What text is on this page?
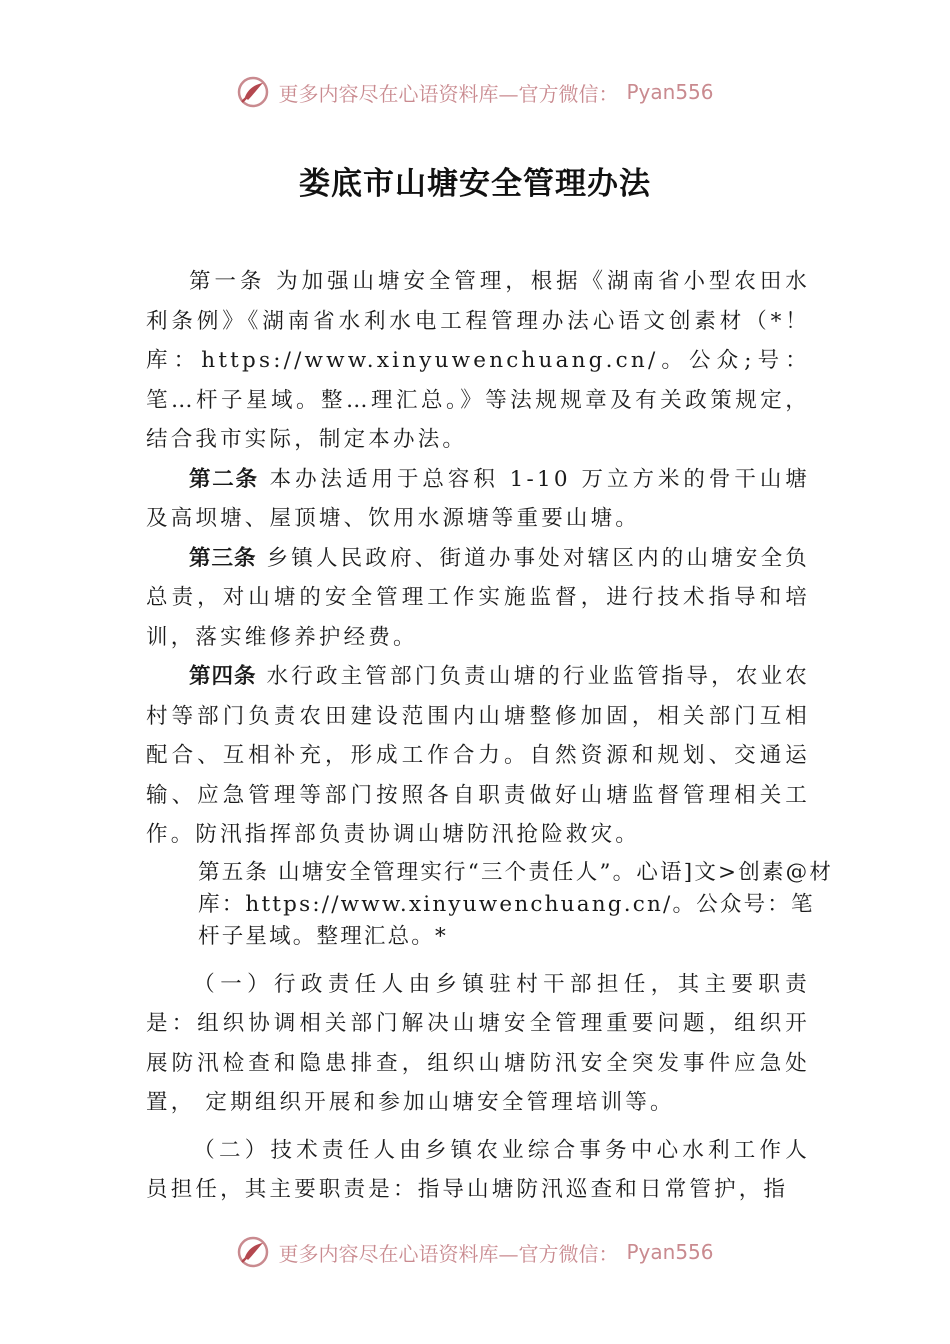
更多内容尽在心语资料库—官方微信： Pyan556
娄底市山塘安全管理办法

第一条 为加强山塘安全管理，根据《湖南省小型农田水利条例》《湖南省水利水电工程管理办法心语文创素材（*！库：https://www.xinyuwenchuang.cn/。公众;号：笔…杆子星域。整…理汇总。》等法规规章及有关政策规定，结合我市实际，制定本办法。

第二条 本办法适用于总容积 1-10 万立方米的骨干山塘及高坝塘、屋顶塘、饮用水源塘等重要山塘。

第三条 乡镇人民政府、街道办事处对辖区内的山塘安全负总责，对山塘的安全管理工作实施监督，进行技术指导和培训，落实维修养护经费。

第四条 水行政主管部门负责山塘的行业监管指导，农业农村等部门负责农田建设范围内山塘整修加固，相关部门互相配合、互相补充，形成工作合力。自然资源和规划、交通运输、应急管理等部门按照各自职责做好山塘监督管理相关工作。防汛指挥部负责协调山塘防汛抢险救灾。

第五条 山塘安全管理实行“三个责任人”。心语]文>创素@材库：https://www.xinyuwenchuang.cn/。公众号：笔杆子星域。整理汇总。*

（一）行政责任人由乡镇驻村干部担任，其主要职责是：组织协调相关部门解决山塘安全管理重要问题，组织开展防汛检查和隐患排查，组织山塘防汛安全突发事件应急处置， 定期组织开展和参加山塘安全管理培训等。

（二）技术责任人由乡镇农业综合事务中心水利工作人员担任，其主要职责是：指导山塘防汛巡查和日常管护，指

更多内容尽在心语资料库—官方微信： Pyan556
